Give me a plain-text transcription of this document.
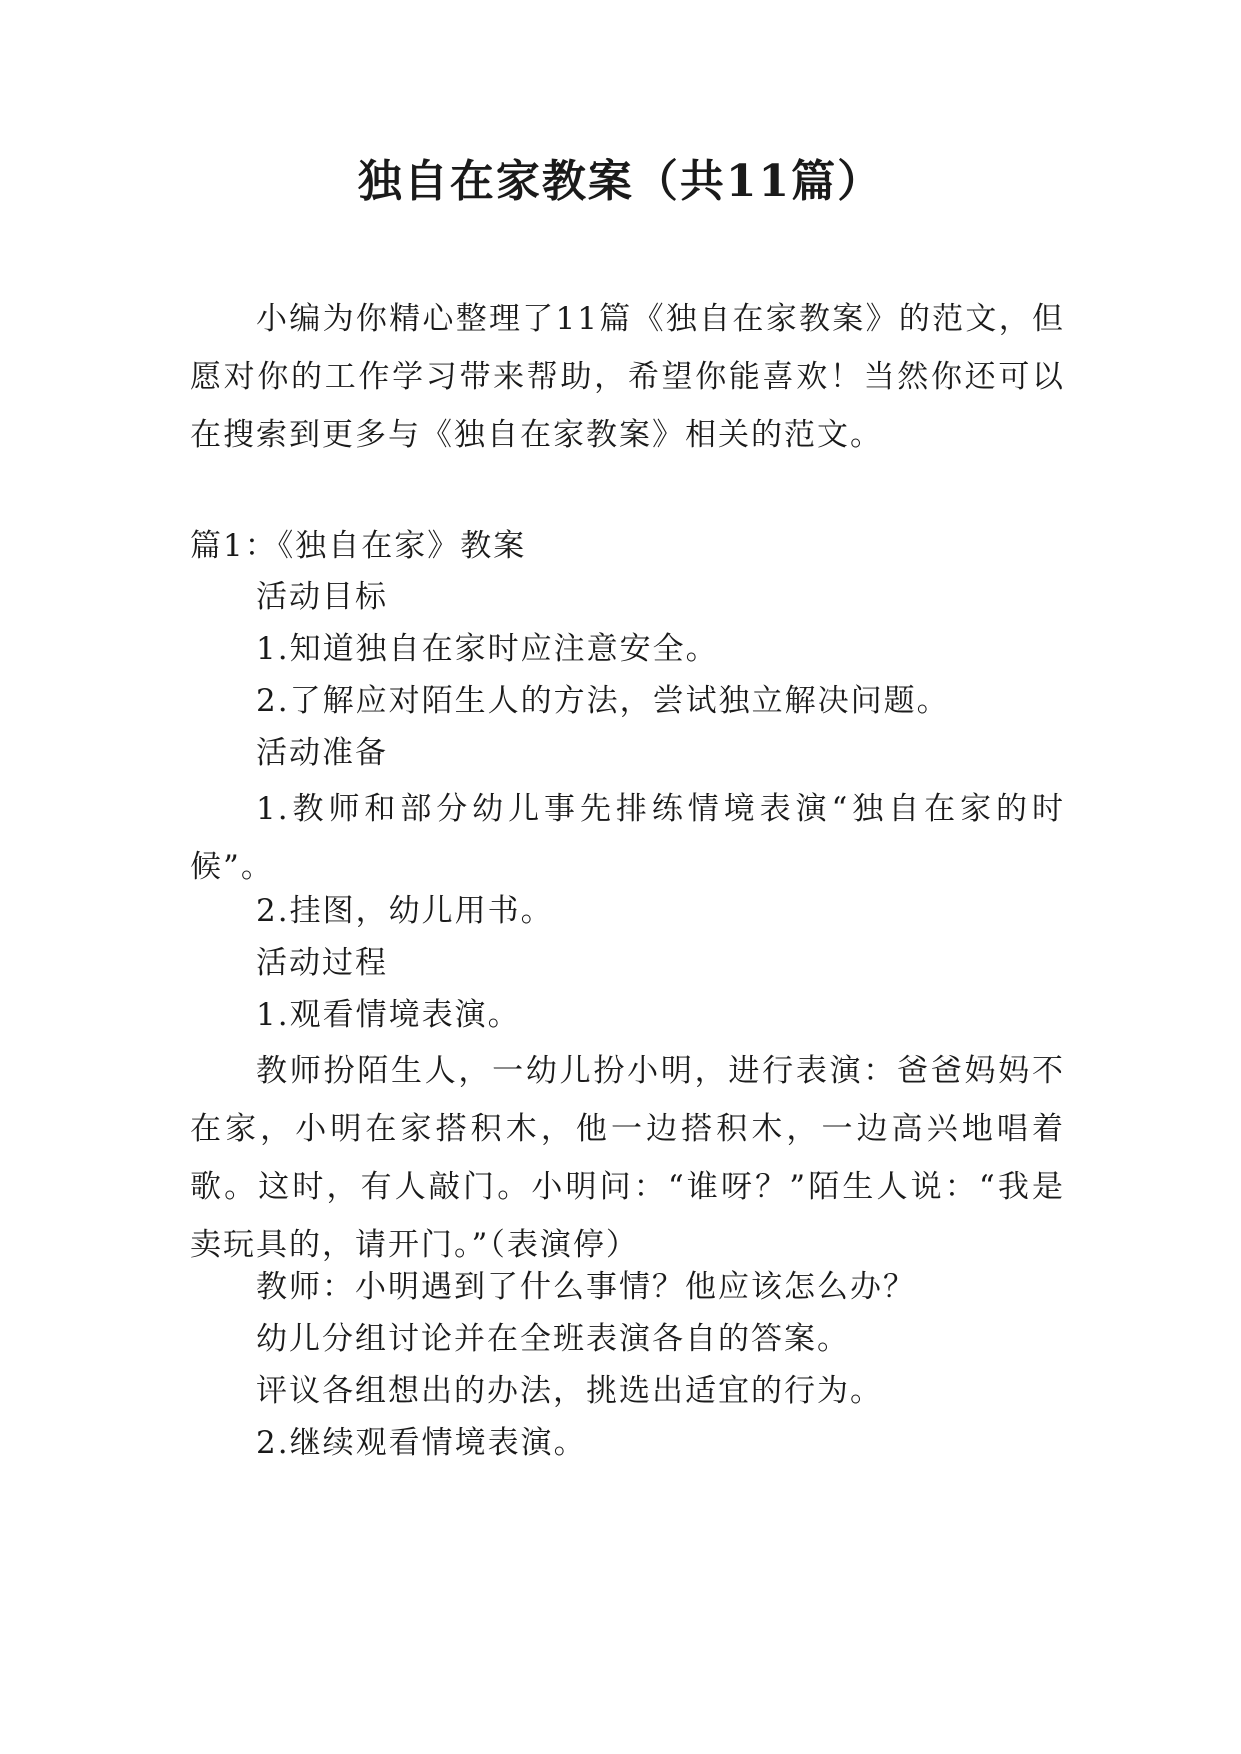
独自在家教案（共11篇）
小编为你精心整理了11篇《独自在家教案》的范文，但愿对你的工作学习带来帮助，希望你能喜欢！当然你还可以在搜索到更多与《独自在家教案》相关的范文。
篇1：《独自在家》教案
活动目标
1.知道独自在家时应注意安全。
2.了解应对陌生人的方法，尝试独立解决问题。
活动准备
1.教师和部分幼儿事先排练情境表演“独自在家的时候”。
2.挂图，幼儿用书。
活动过程
1.观看情境表演。
教师扮陌生人，一幼儿扮小明，进行表演：爸爸妈妈不在家，小明在家搭积木，他一边搭积木，一边高兴地唱着歌。这时，有人敲门。小明问：“谁呀？”陌生人说：“我是卖玩具的，请开门。”（表演停）
教师：小明遇到了什么事情？他应该怎么办？
幼儿分组讨论并在全班表演各自的答案。
评议各组想出的办法，挑选出适宜的行为。
2.继续观看情境表演。
